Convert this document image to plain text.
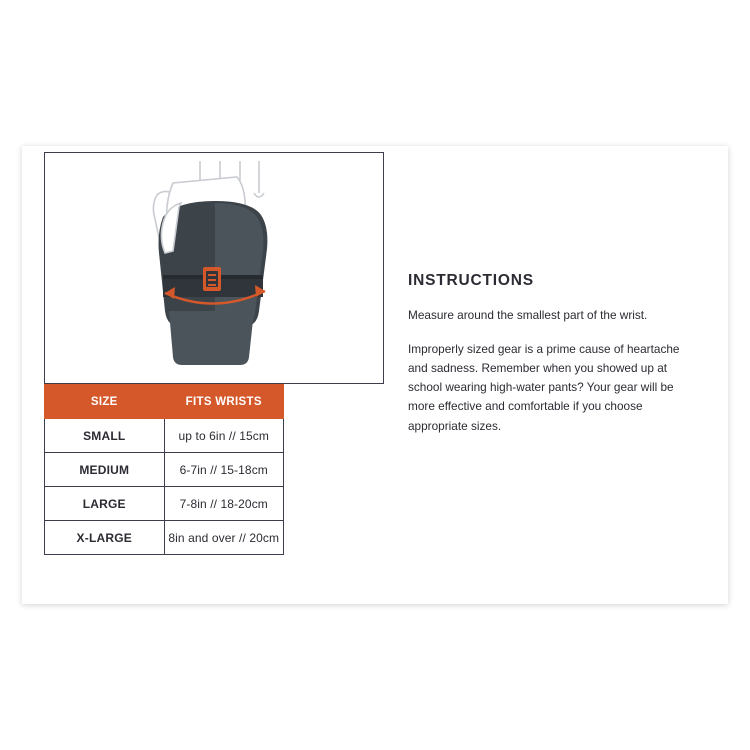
SIZE	FITS WRISTS
SMALL	up to 6in // 15cm
MEDIUM	6-7in // 15-18cm
LARGE	7-8in // 18-20cm
X-LARGE	8in and over // 20cm
INSTRUCTIONS

Measure around the smallest part of the wrist.

Improperly sized gear is a prime cause of heartache and sadness. Remember when you showed up at school wearing high-water pants? Your gear will be more effective and comfortable if you choose appropriate sizes.
